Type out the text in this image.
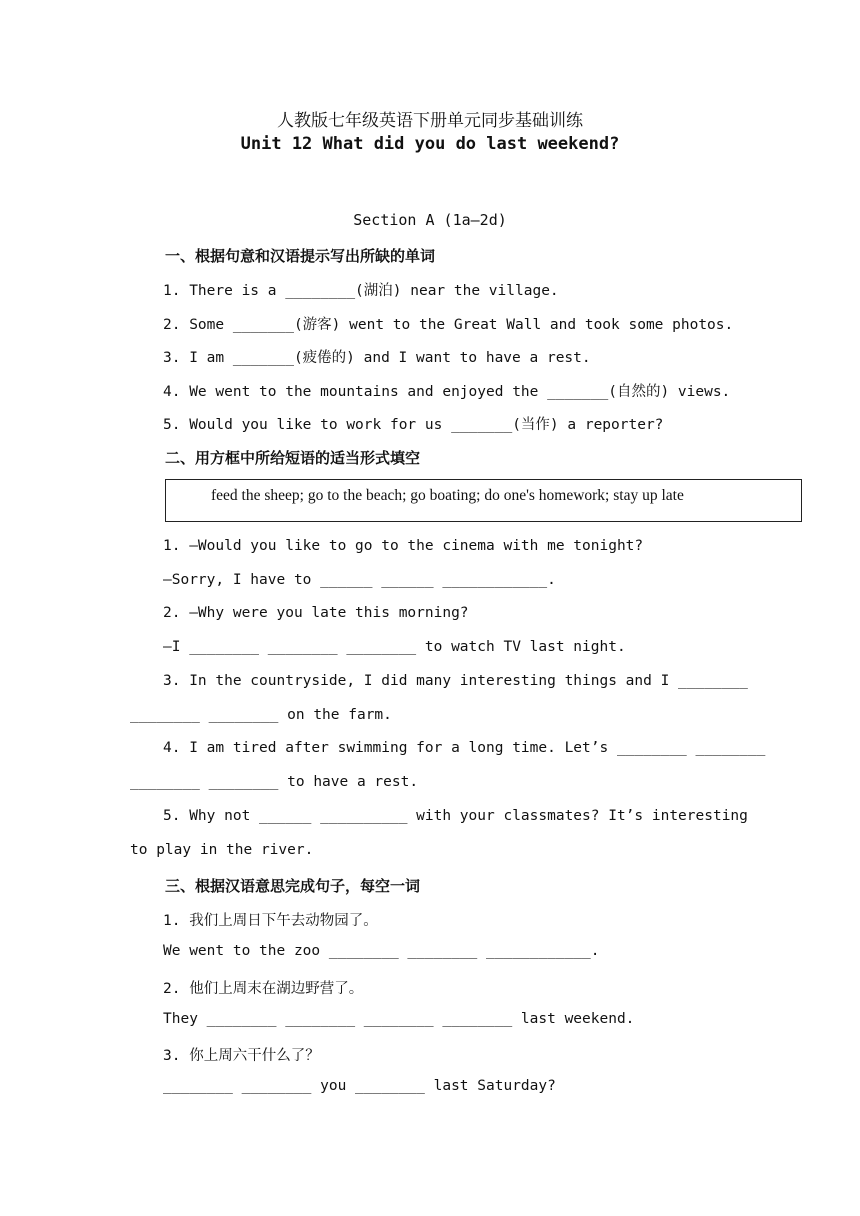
人教版七年级英语下册单元同步基础训练
Unit 12 What did you do last weekend?
Section A (1a—2d)
一、根据句意和汉语提示写出所缺的单词
1. There is a ________(湖泊) near the village.
2. Some _______(游客) went to the Great Wall and took some photos.
3. I am _______(疲倦的) and I want to have a rest.
4. We went to the mountains and enjoyed the _______(自然的) views.
5. Would you like to work for us _______(当作) a reporter?
二、用方框中所给短语的适当形式填空
feed the sheep; go to the beach; go boating; do one's homework; stay up late
1. —Would you like to go to the cinema with me tonight?
—Sorry, I have to ______ ______ ____________.
2. —Why were you late this morning?
—I ________ ________ ________ to watch TV last night.
3. In the countryside, I did many interesting things and I ________
________ ________ on the farm.
4. I am tired after swimming for a long time. Let’s ________ ________
________ ________ to have a rest.
5. Why not ______ __________ with your classmates? It’s interesting
to play in the river.
三、根据汉语意思完成句子，每空一词
1. 我们上周日下午去动物园了。
We went to the zoo ________ ________ ____________.
2. 他们上周末在湖边野营了。
They ________ ________ ________ ________ last weekend.
3. 你上周六干什么了？
________ ________ you ________ last Saturday?
